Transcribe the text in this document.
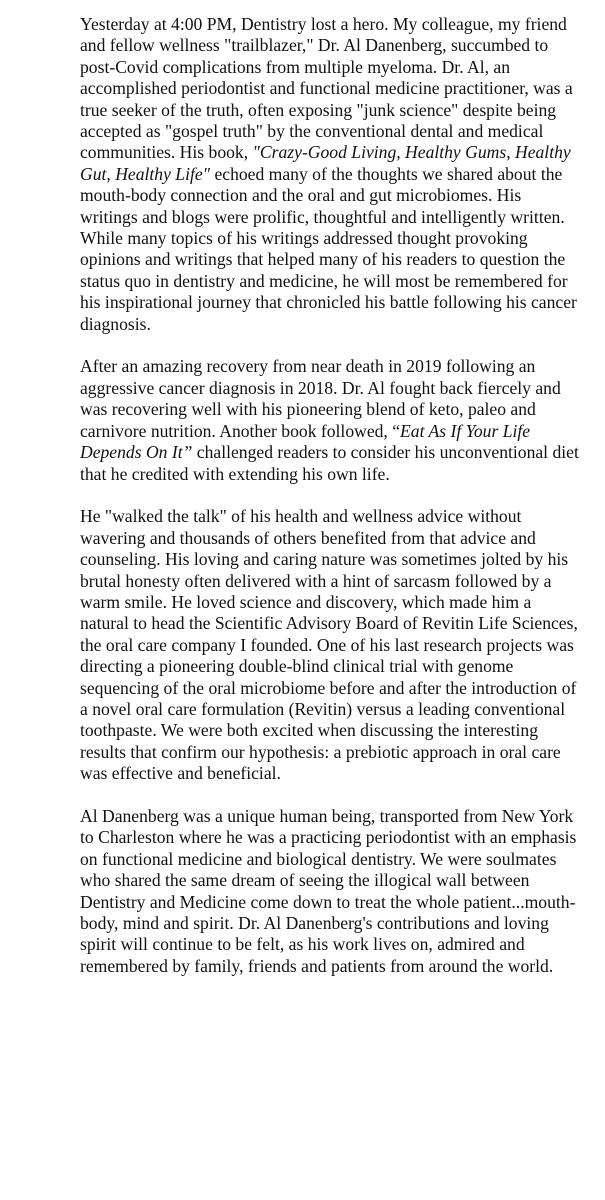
Yesterday at 4:00 PM, Dentistry lost a hero. My colleague, my friend and fellow wellness "trailblazer," Dr. Al Danenberg, succumbed to post-Covid complications from multiple myeloma. Dr. Al, an accomplished periodontist and functional medicine practitioner, was a true seeker of the truth, often exposing "junk science" despite being accepted as "gospel truth" by the conventional dental and medical communities. His book, "Crazy-Good Living, Healthy Gums, Healthy Gut, Healthy Life" echoed many of the thoughts we shared about the mouth-body connection and the oral and gut microbiomes. His writings and blogs were prolific, thoughtful and intelligently written. While many topics of his writings addressed thought provoking opinions and writings that helped many of his readers to question the status quo in dentistry and medicine, he will most be remembered for his inspirational journey that chronicled his battle following his cancer diagnosis.

After an amazing recovery from near death in 2019 following an aggressive cancer diagnosis in 2018. Dr. Al fought back fiercely and was recovering well with his pioneering blend of keto, paleo and carnivore nutrition. Another book followed, “Eat As If Your Life Depends On It” challenged readers to consider his unconventional diet that he credited with extending his own life.

He "walked the talk" of his health and wellness advice without wavering and thousands of others benefited from that advice and counseling. His loving and caring nature was sometimes jolted by his brutal honesty often delivered with a hint of sarcasm followed by a warm smile. He loved science and discovery, which made him a natural to head the Scientific Advisory Board of Revitin Life Sciences, the oral care company I founded. One of his last research projects was directing a pioneering double-blind clinical trial with genome sequencing of the oral microbiome before and after the introduction of a novel oral care formulation (Revitin) versus a leading conventional toothpaste. We were both excited when discussing the interesting results that confirm our hypothesis: a prebiotic approach in oral care was effective and beneficial.

Al Danenberg was a unique human being, transported from New York to Charleston where he was a practicing periodontist with an emphasis on functional medicine and biological dentistry. We were soulmates who shared the same dream of seeing the illogical wall between Dentistry and Medicine come down to treat the whole patient...mouth-body, mind and spirit. Dr. Al Danenberg's contributions and loving spirit will continue to be felt, as his work lives on, admired and remembered by family, friends and patients from around the world.
